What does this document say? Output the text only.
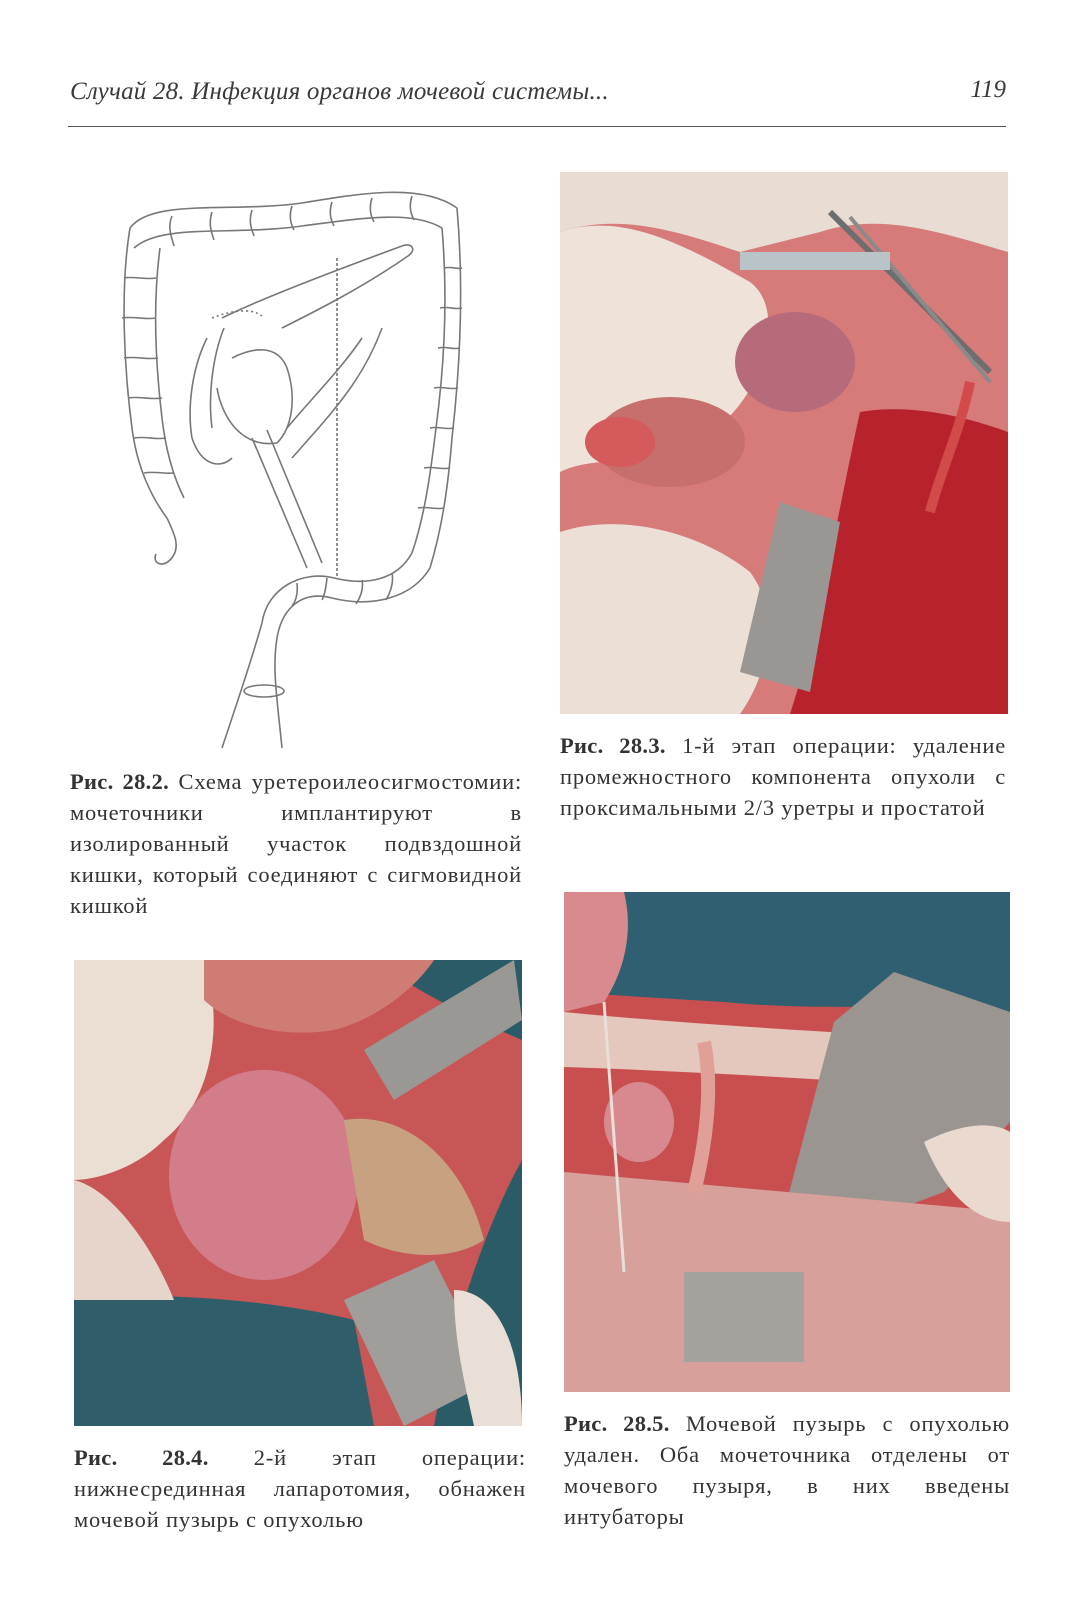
Случай 28. Инфекция органов мочевой системы...	119
Рис. 28.2. Схема уретероилеосигмостомии: мочеточники имплантируют в изолированный участок подвздошной кишки, который соединяют с сигмовидной кишкой
Рис. 28.3. 1-й этап операции: удаление промежностного компонента опухоли с проксимальными 2/3 уретры и простатой
Рис. 28.4. 2-й этап операции: нижнесрединная лапаротомия, обнажен мочевой пузырь с опухолью
Рис. 28.5. Мочевой пузырь с опухолью удален. Оба мочеточника отделены от мочевого пузыря, в них введены интубаторы
